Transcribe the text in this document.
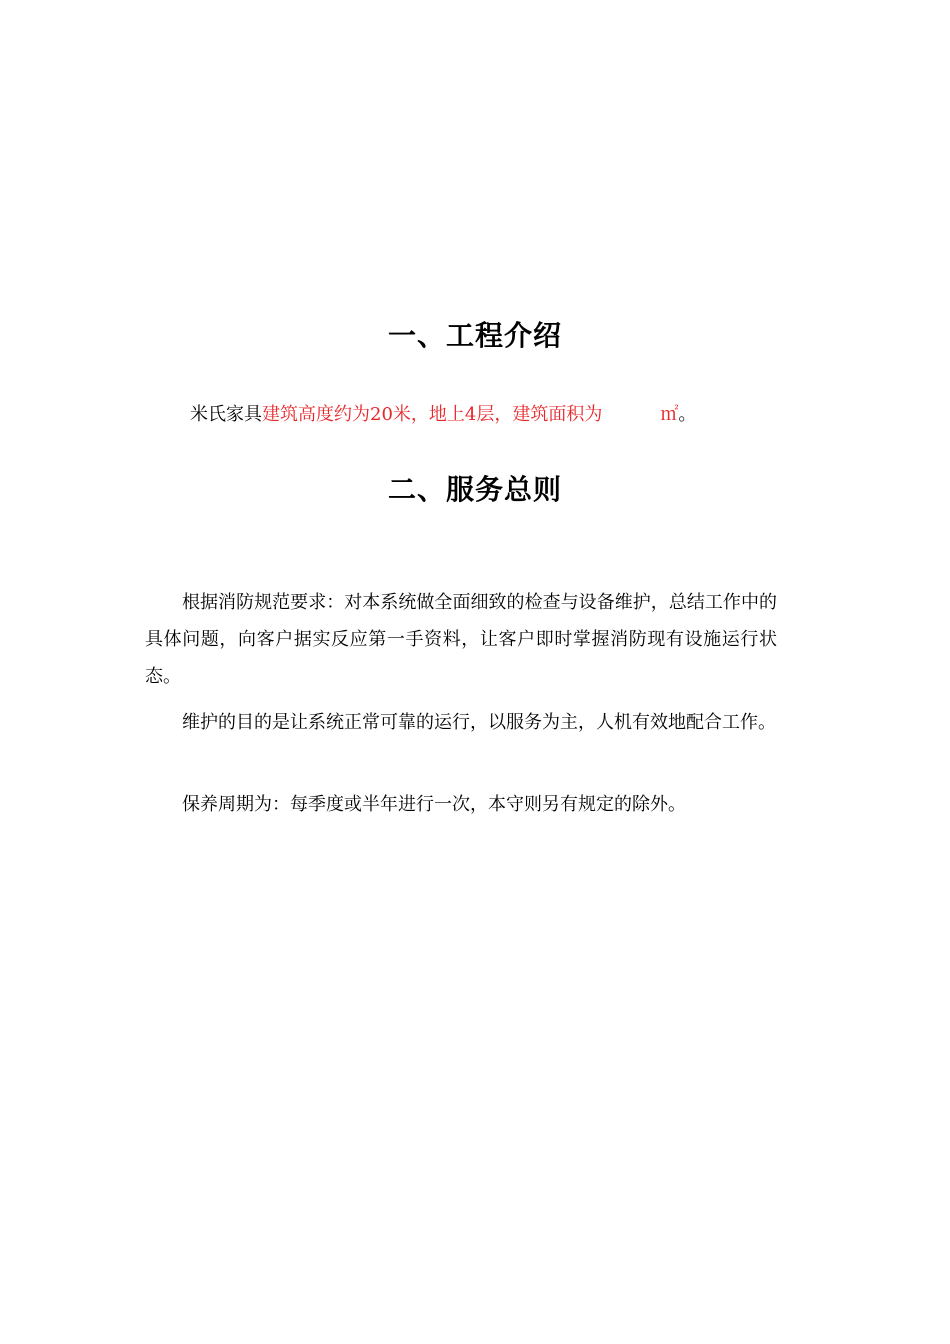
一、工程介绍
米氏家具建筑高度约为20米，地上4层，建筑面积为	㎡。
二、服务总则

根据消防规范要求：对本系统做全面细致的检查与设备维护，总结工作中的具体问题，向客户据实反应第一手资料，让客户即时掌握消防现有设施运行状态。

维护的目的是让系统正常可靠的运行，以服务为主，人机有效地配合工作。

保养周期为：每季度或半年进行一次，本守则另有规定的除外。
